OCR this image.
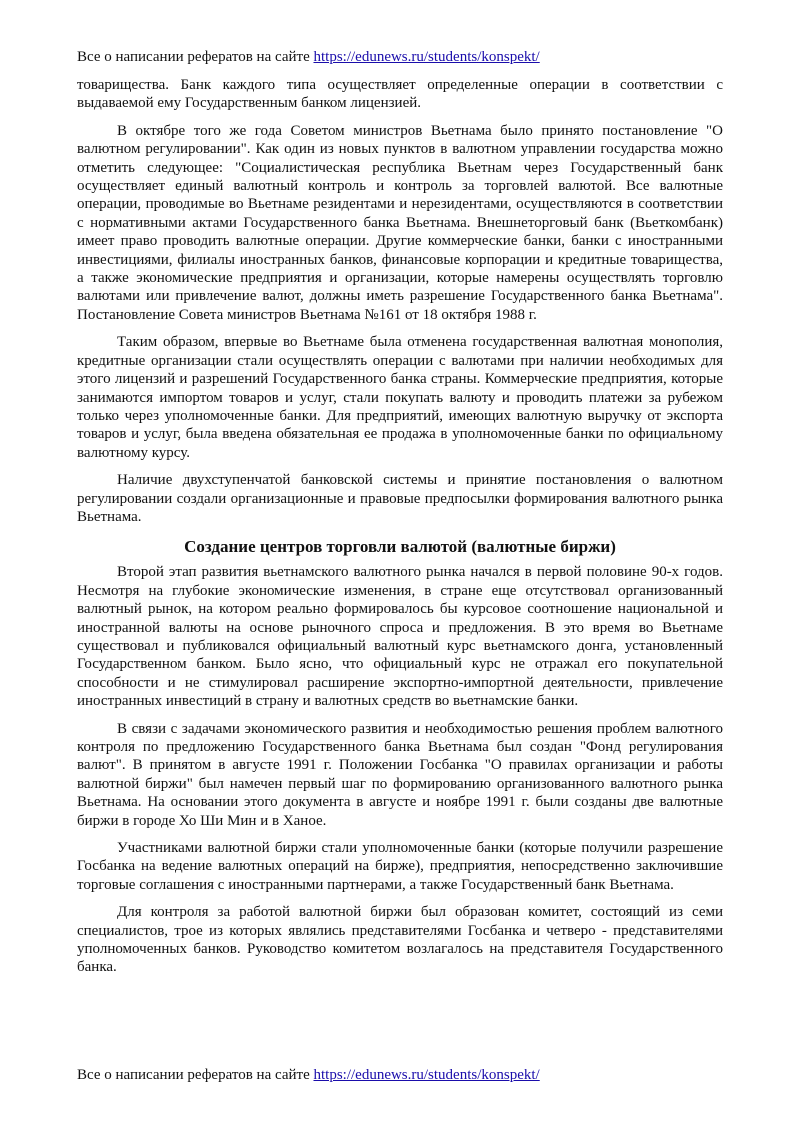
Все о написании рефератов на сайте https://edunews.ru/students/konspekt/

товарищества. Банк каждого типа осуществляет определенные операции в соответствии с выдаваемой ему Государственным банком лицензией.

В октябре того же года Советом министров Вьетнама было принято постановление "О валютном регулировании". Как один из новых пунктов в валютном управлении государства можно отметить следующее: "Социалистическая республика Вьетнам через Государственный банк осуществляет единый валютный контроль и контроль за торговлей валютой. Все валютные операции, проводимые во Вьетнаме резидентами и нерезидентами, осуществляются в соответствии с нормативными актами Государственного банка Вьетнама. Внешнеторговый банк (Вьеткомбанк) имеет право проводить валютные операции. Другие коммерческие банки, банки с иностранными инвестициями, филиалы иностранных банков, финансовые корпорации и кредитные товарищества, а также экономические предприятия и организации, которые намерены осуществлять торговлю валютами или привлечение валют, должны иметь разрешение Государственного банка Вьетнама". Постановление Совета министров Вьетнама №161 от 18 октября 1988 г.

Таким образом, впервые во Вьетнаме была отменена государственная валютная монополия, кредитные организации стали осуществлять операции с валютами при наличии необходимых для этого лицензий и разрешений Государственного банка страны. Коммерческие предприятия, которые занимаются импортом товаров и услуг, стали покупать валюту и проводить платежи за рубежом только через уполномоченные банки. Для предприятий, имеющих валютную выручку от экспорта товаров и услуг, была введена обязательная ее продажа в уполномоченные банки по официальному валютному курсу.

Наличие двухступенчатой банковской системы и принятие постановления о валютном регулировании создали организационные и правовые предпосылки формирования валютного рынка Вьетнама.

Создание центров торговли валютой (валютные биржи)

Второй этап развития вьетнамского валютного рынка начался в первой половине 90-х годов. Несмотря на глубокие экономические изменения, в стране еще отсутствовал организованный валютный рынок, на котором реально формировалось бы курсовое соотношение национальной и иностранной валюты на основе рыночного спроса и предложения. В это время во Вьетнаме существовал и публиковался официальный валютный курс вьетнамского донга, установленный Государственном банком. Было ясно, что официальный курс не отражал его покупательной способности и не стимулировал расширение экспортно-импортной деятельности, привлечение иностранных инвестиций в страну и валютных средств во вьетнамские банки.

В связи с задачами экономического развития и необходимостью решения проблем валютного контроля по предложению Государственного банка Вьетнама был создан "Фонд регулирования валют". В принятом в августе 1991 г. Положении Госбанка "О правилах организации и работы валютной биржи" был намечен первый шаг по формированию организованного валютного рынка Вьетнама. На основании этого документа в августе и ноябре 1991 г. были созданы две валютные биржи в городе Хо Ши Мин и в Ханое.

Участниками валютной биржи стали уполномоченные банки (которые получили разрешение Госбанка на ведение валютных операций на бирже), предприятия, непосредственно заключившие торговые соглашения с иностранными партнерами, а также Государственный банк Вьетнама.

Для контроля за работой валютной биржи был образован комитет, состоящий из семи специалистов, трое из которых являлись представителями Госбанка и четверо - представителями уполномоченных банков. Руководство комитетом возлагалось на представителя Государственного банка.

Все о написании рефератов на сайте https://edunews.ru/students/konspekt/
